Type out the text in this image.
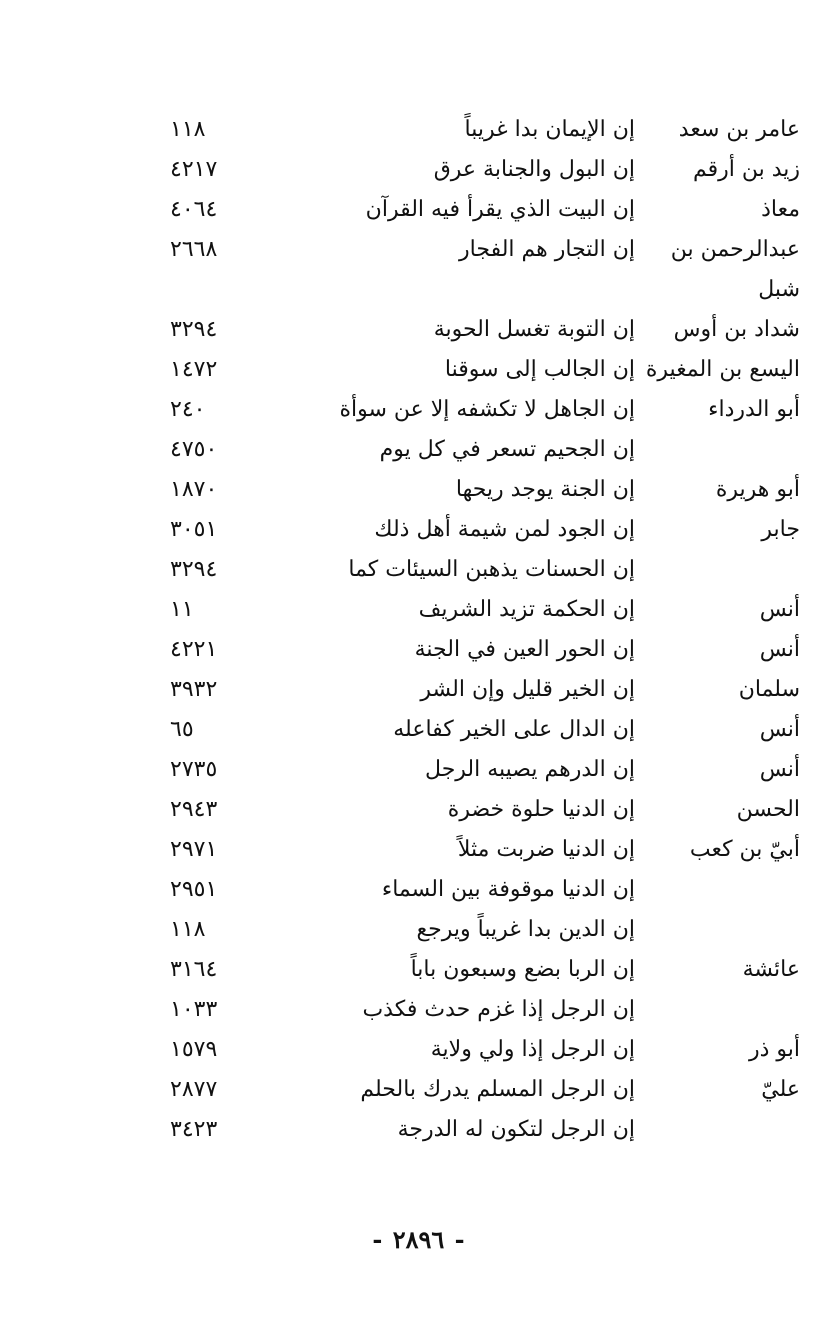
عامر بن سعد
إن الإيمان بدا غريباً
١١٨
زيد بن أرقم
إن البول والجنابة عرق
٤٢١٧
معاذ
إن البيت الذي يقرأ فيه القرآن
٤٠٦٤
عبدالرحمن بن شبل
إن التجار هم الفجار
٢٦٦٨
شداد بن أوس
إن التوبة تغسل الحوبة
٣٢٩٤
اليسع بن المغيرة
إن الجالب إلى سوقنا
١٤٧٢
أبو الدرداء
إن الجاهل لا تكشفه إلا عن سوأة
٢٤٠
إن الجحيم تسعر في كل يوم
٤٧٥٠
أبو هريرة
إن الجنة يوجد ريحها
١٨٧٠
جابر
إن الجود لمن شيمة أهل ذلك
٣٠٥١
إن الحسنات يذهبن السيئات كما
٣٢٩٤
أنس
إن الحكمة تزيد الشريف
١١
أنس
إن الحور العين في الجنة
٤٢٢١
سلمان
إن الخير قليل وإن الشر
٣٩٣٢
أنس
إن الدال على الخير كفاعله
٦٥
أنس
إن الدرهم يصيبه الرجل
٢٧٣٥
الحسن
إن الدنيا حلوة خضرة
٢٩٤٣
أبيّ بن كعب
إن الدنيا ضربت مثلاً
٢٩٧١
إن الدنيا موقوفة بين السماء
٢٩٥١
إن الدين بدا غريباً ويرجع
١١٨
عائشة
إن الربا بضع وسبعون باباً
٣١٦٤
إن الرجل إذا غزم حدث فكذب
١٠٣٣
أبو ذر
إن الرجل إذا ولي ولاية
١٥٧٩
عليّ
إن الرجل المسلم يدرك بالحلم
٢٨٧٧
إن الرجل لتكون له الدرجة
٣٤٢٣
- ٢٨٩٦ -
